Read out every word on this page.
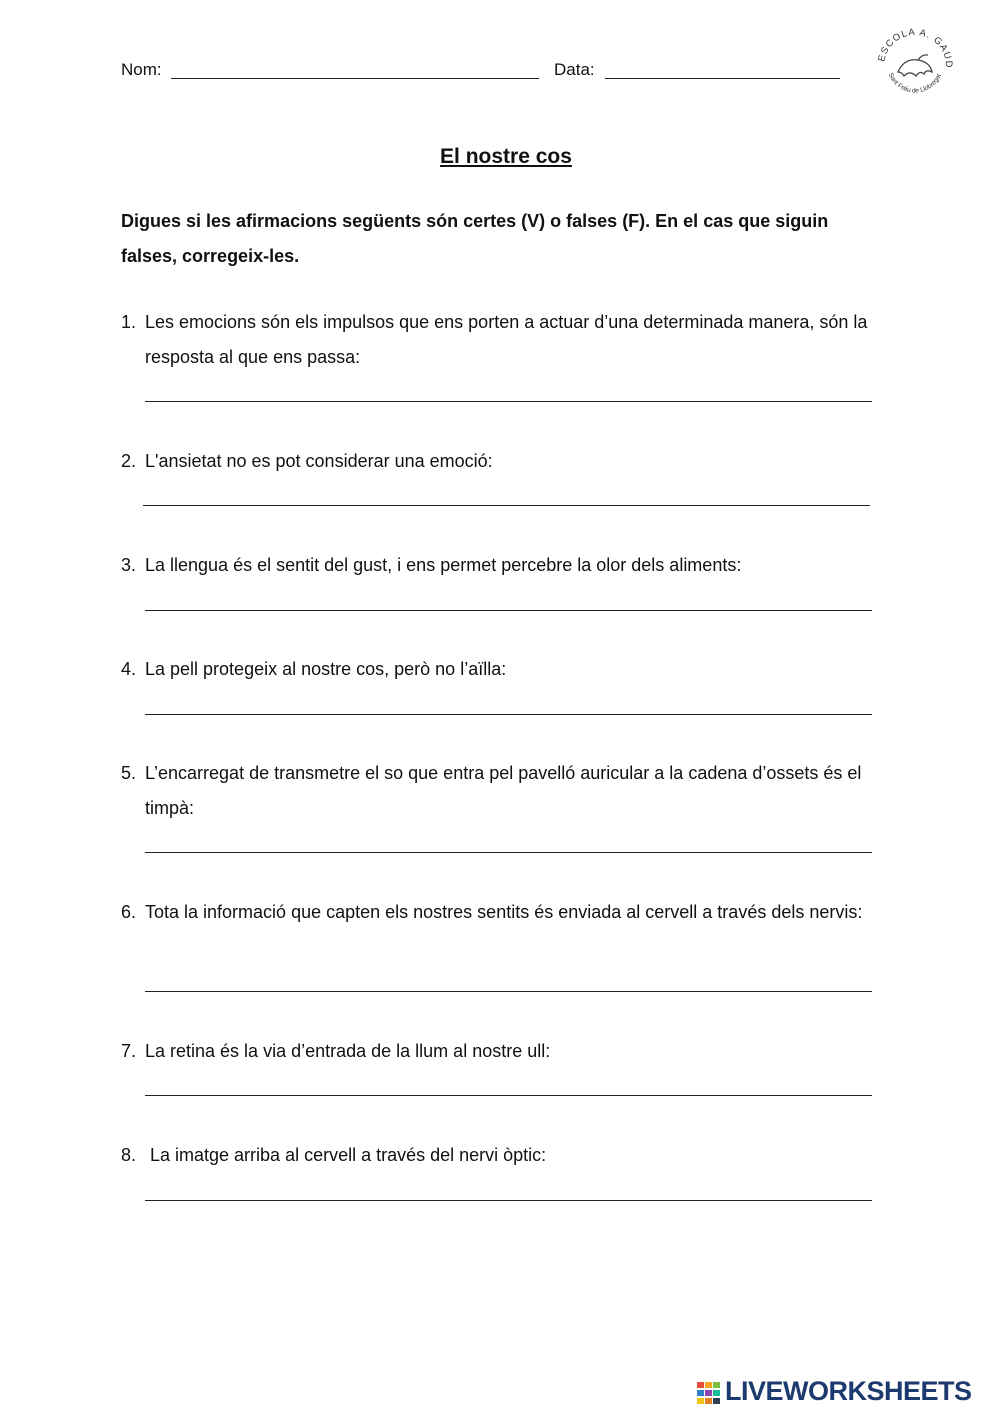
Nom:	Data:
ESCOLA A. GAUD
Sant Feliu de Llobregat
El nostre cos
Digues si les afirmacions següents són certes (V) o falses (F). En el cas que siguin falses, corregeix-les.
1. Les emocions són els impulsos que ens porten a actuar d’una determinada manera, són la resposta al que ens passa:
2. L'ansietat no es pot considerar una emoció:
3. La llengua és el sentit del gust, i ens permet percebre la olor dels aliments:
4. La pell protegeix al nostre cos, però no l’aïlla:
5. L’encarregat de transmetre el so que entra pel pavelló auricular a la cadena d’ossets és el timpà:
6. Tota la informació que capten els nostres sentits és enviada al cervell a través dels nervis:
7. La retina és la via d’entrada de la llum al nostre ull:
8. La imatge arriba al cervell a través del nervi òptic:
LIVEWORKSHEETS
